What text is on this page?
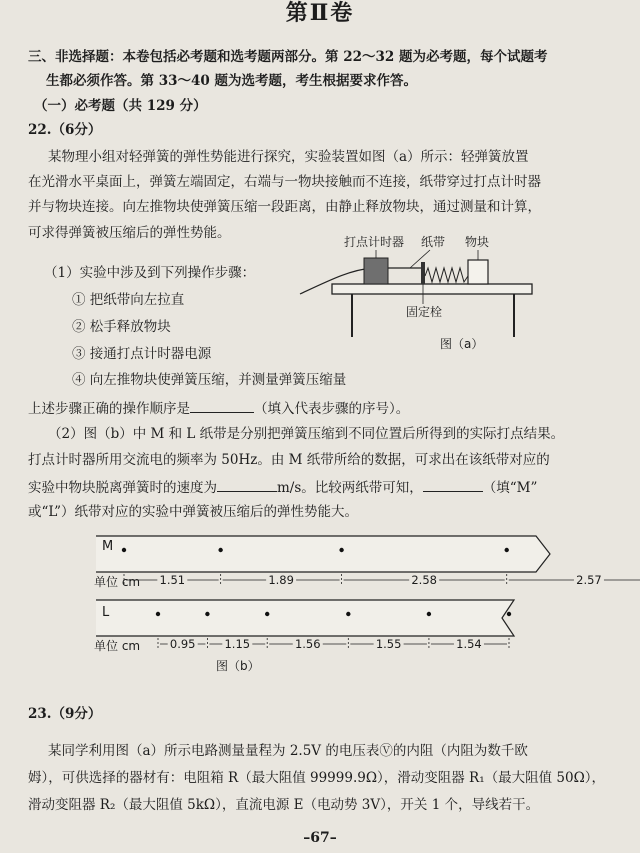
第Ⅱ卷
三、非选择题：本卷包括必考题和选考题两部分。第 22～32 题为必考题，每个试题考
生都必须作答。第 33～40 题为选考题，考生根据要求作答。
（一）必考题（共 129 分）
22.（6分）
某物理小组对轻弹簧的弹性势能进行探究，实验装置如图（a）所示：轻弹簧放置
在光滑水平桌面上，弹簧左端固定，右端与一物块接触而不连接，纸带穿过打点计时器
并与物块连接。向左推物块使弹簧压缩一段距离，由静止释放物块，通过测量和计算，
可求得弹簧被压缩后的弹性势能。
（1）实验中涉及到下列操作步骤：
① 把纸带向左拉直
② 松手释放物块
③ 接通打点计时器电源
④ 向左推物块使弹簧压缩，并测量弹簧压缩量
上述步骤正确的操作顺序是	（填入代表步骤的序号）。
（2）图（b）中 M 和 L 纸带是分别把弹簧压缩到不同位置后所得到的实际打点结果。
打点计时器所用交流电的频率为 50Hz。由 M 纸带所给的数据，可求出在该纸带对应的
实验中物块脱离弹簧时的速度为	m/s。比较两纸带可知，	（填“M”
或“L”）纸带对应的实验中弹簧被压缩后的弹性势能大。
打点计时器 纸带 物块
固定栓
图（a）
M
1.51	1.89	2.58	2.57
单位 cm
L
0.95	1.15	1.56	1.55	1.54
单位 cm
图（b）
23.（9分）
某同学利用图（a）所示电路测量量程为 2.5V 的电压表Ⓥ的内阻（内阻为数千欧
姆），可供选择的器材有：电阻箱 R（最大阻值 99999.9Ω），滑动变阻器 R₁（最大阻值 50Ω），
滑动变阻器 R₂（最大阻值 5kΩ），直流电源 E（电动势 3V），开关 1 个，导线若干。
–67–
